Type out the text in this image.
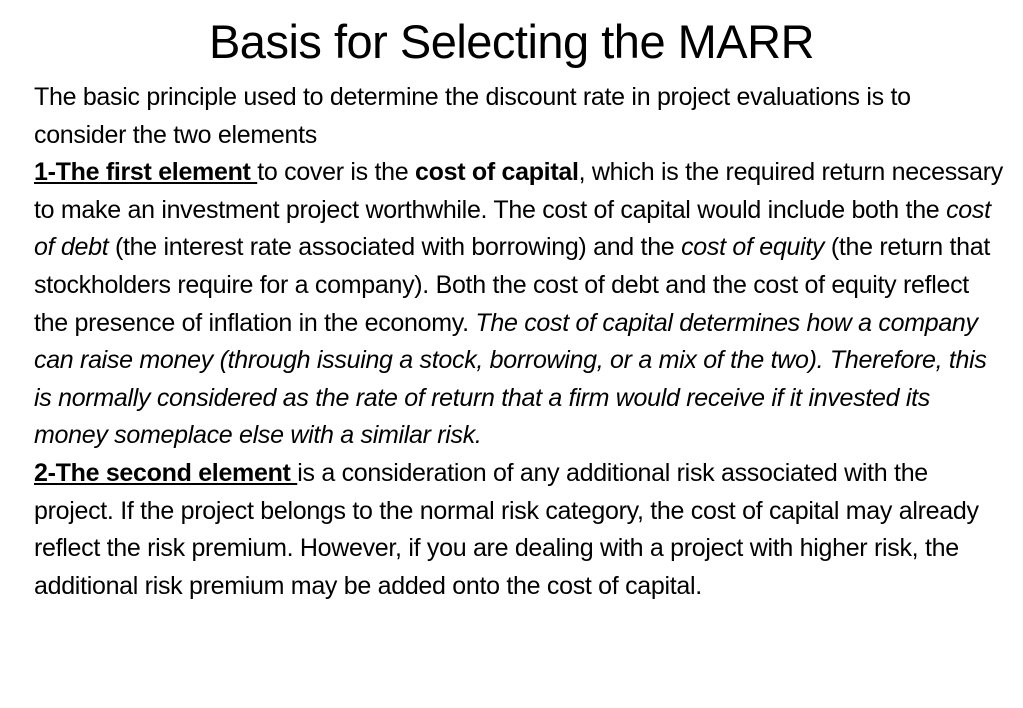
Basis for Selecting the MARR

The basic principle used to determine the discount rate in project evaluations is to consider the two elements

1-The first element to cover is the cost of capital, which is the required return necessary to make an investment project worthwhile. The cost of capital would include both the cost of debt (the interest rate associated with borrowing) and the cost of equity (the return that stockholders require for a company). Both the cost of debt and the cost of equity reflect the presence of inflation in the economy. The cost of capital determines how a company can raise money (through issuing a stock, borrowing, or a mix of the two). Therefore, this is normally considered as the rate of return that a firm would receive if it invested its money someplace else with a similar risk.

2-The second element is a consideration of any additional risk associated with the project. If the project belongs to the normal risk category, the cost of capital may already reflect the risk premium. However, if you are dealing with a project with higher risk, the additional risk premium may be added onto the cost of capital.
